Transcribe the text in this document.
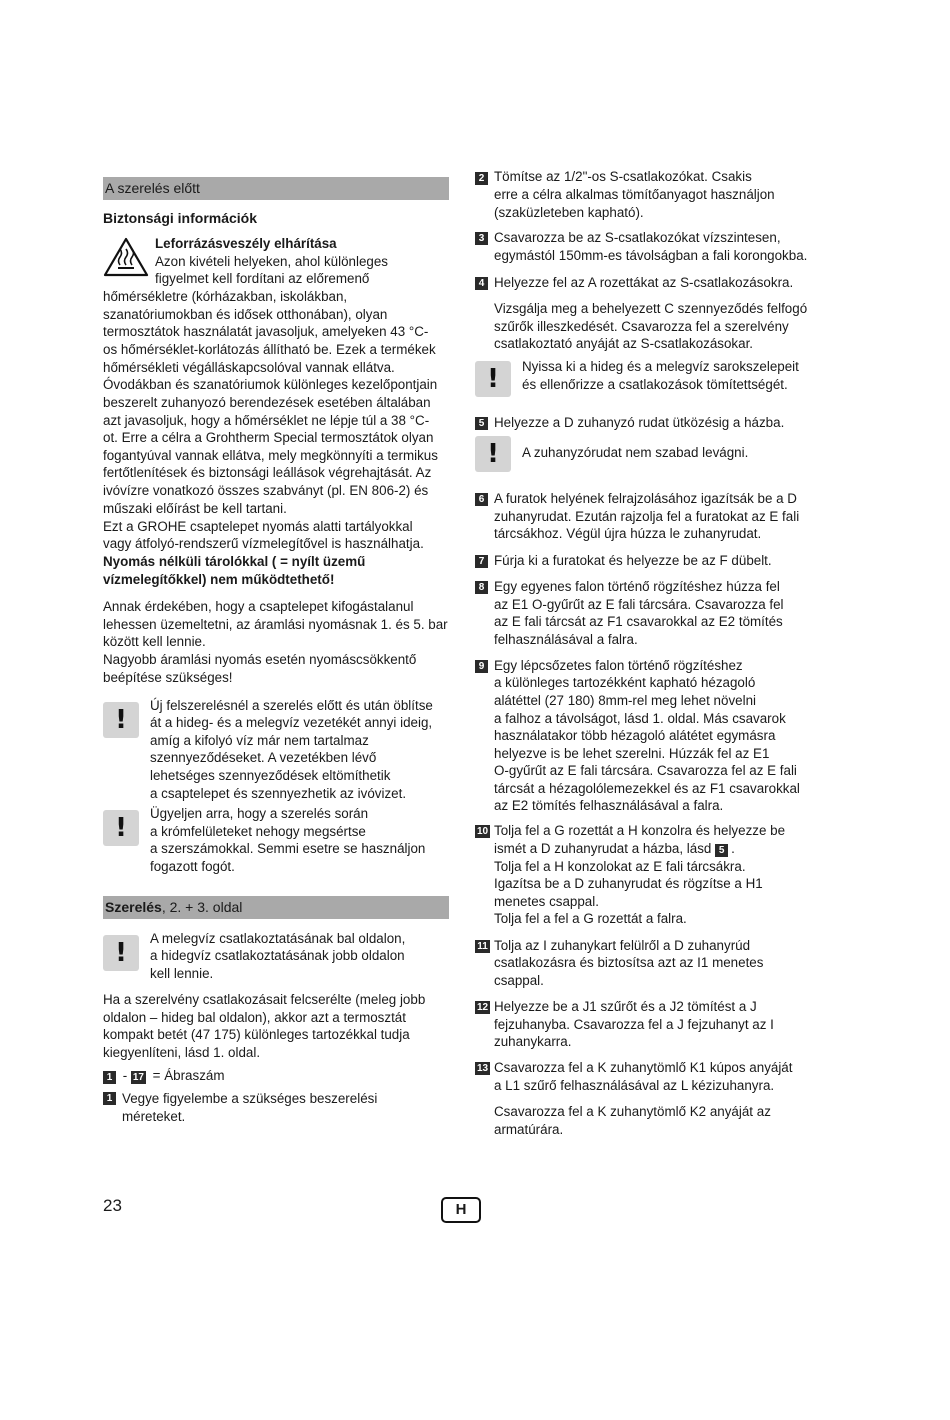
A szerelés előtt
Biztonsági információk
Leforrázásveszély elhárítása
Azon kivételi helyeken, ahol különleges
figyelmet kell fordítani az előremenő
hőmérsékletre (kórházakban, iskolákban,
szanatóriumokban és idősek otthonában), olyan
termosztátok használatát javasoljuk, amelyeken 43 °C-
os hőmérséklet-korlátozás állítható be. Ezek a termékek
hőmérsékleti végálláskapcsolóval vannak ellátva.
Óvodákban és szanatóriumok különleges kezelőpontjain
beszerelt zuhanyozó berendezések esetében általában
azt javasoljuk, hogy a hőmérséklet ne lépje túl a 38 °C-
ot. Erre a célra a Grohtherm Special termosztátok olyan
fogantyúval vannak ellátva, mely megkönnyíti a termikus
fertőtlenítések és biztonsági leállások végrehajtását. Az
ivóvízre vonatkozó összes szabványt (pl. EN 806-2) és
műszaki előírást be kell tartani.
Ezt a GROHE csaptelepet nyomás alatti tartályokkal
vagy átfolyó-rendszerű vízmelegítővel is használhatja.
Nyomás nélküli tárolókkal ( = nyílt üzemű
vízmelegítőkkel) nem működtethető!
Annak érdekében, hogy a csaptelepet kifogástalanul
lehessen üzemeltetni, az áramlási nyomásnak 1. és 5. bar
között kell lennie.
Nagyobb áramlási nyomás esetén nyomáscsökkentő
beépítése szükséges!
!	Új felszerelésnél a szerelés előtt és után öblítse
át a hideg- és a melegvíz vezetékét annyi ideig,
amíg a kifolyó víz már nem tartalmaz
szennyeződéseket. A vezetékben lévő
lehetséges szennyeződések eltömíthetik
a csaptelepet és szennyezhetik az ivóvizet.
!	Ügyeljen arra, hogy a szerelés során
a krómfelületeket nehogy megsértse
a szerszámokkal. Semmi esetre se használjon
fogazott fogót.
Szerelés, 2. + 3. oldal
!	A melegvíz csatlakoztatásának bal oldalon,
a hidegvíz csatlakoztatásának jobb oldalon
kell lennie.
Ha a szerelvény csatlakozásait felcserélte (meleg jobb
oldalon – hideg bal oldalon), akkor azt a termosztát
kompakt betét (47 175) különleges tartozékkal tudja
kiegyenlíteni, lásd 1. oldal.
1 - 17 = Ábraszám
1 Vegye figyelembe a szükséges beszerelési
méreteket.
2 Tömítse az 1/2"-os S-csatlakozókat. Csakis
erre a célra alkalmas tömítőanyagot használjon
(szaküzleteben kapható).
3 Csavarozza be az S-csatlakozókat vízszintesen,
egymástól 150mm-es távolságban a fali korongokba.
4 Helyezze fel az A rozettákat az S-csatlakozásokra.
Vizsgálja meg a behelyezett C szennyeződés felfogó
szűrők illeszkedését. Csavarozza fel a szerelvény
csatlakoztató anyáját az S-csatlakozásokar.
!	Nyissa ki a hideg és a melegvíz sarokszelepeit
és ellenőrizze a csatlakozások tömítettségét.
5 Helyezze a D zuhanyzó rudat ütközésig a házba.
!	A zuhanyzórudat nem szabad levágni.
6 A furatok helyének felrajzolásához igazítsák be a D
zuhanyrudat. Ezután rajzolja fel a furatokat az E fali
tárcsákhoz. Végül újra húzza le zuhanyrudat.
7 Fúrja ki a furatokat és helyezze be az F dübelt.
8 Egy egyenes falon történő rögzítéshez húzza fel
az E1 O-gyűrűt az E fali tárcsára. Csavarozza fel
az E fali tárcsát az F1 csavarokkal az E2 tömítés
felhasználásával a falra.
9 Egy lépcsőzetes falon történő rögzítéshez
a különleges tartozékként kapható hézagoló
alátéttel (27 180) 8mm-rel meg lehet növelni
a falhoz a távolságot, lásd 1. oldal. Más csavarok
használatakor több hézagoló alátétet egymásra
helyezve is be lehet szerelni. Húzzák fel az E1
O-gyűrűt az E fali tárcsára. Csavarozza fel az E fali
tárcsát a hézagolólemezekkel és az F1 csavarokkal
az E2 tömítés felhasználásával a falra.
10 Tolja fel a G rozettát a H konzolra és helyezze be
ismét a D zuhanyrudat a házba, lásd 5 .
Tolja fel a H konzolokat az E fali tárcsákra.
Igazítsa be a D zuhanyrudat és rögzítse a H1
menetes csappal.
Tolja fel a fel a G rozettát a falra.
11 Tolja az I zuhanykart felülről a D zuhanyrúd
csatlakozásra és biztosítsa azt az I1 menetes
csappal.
12 Helyezze be a J1 szűrőt és a J2 tömítést a J
fejzuhanyba. Csavarozza fel a J fejzuhanyt az I
zuhanykarra.
13 Csavarozza fel a K zuhanytömlő K1 kúpos anyáját
a L1 szűrő felhasználásával az L kézizuhanyra.
Csavarozza fel a K zuhanytömlő K2 anyáját az
armatúrára.
23	H
